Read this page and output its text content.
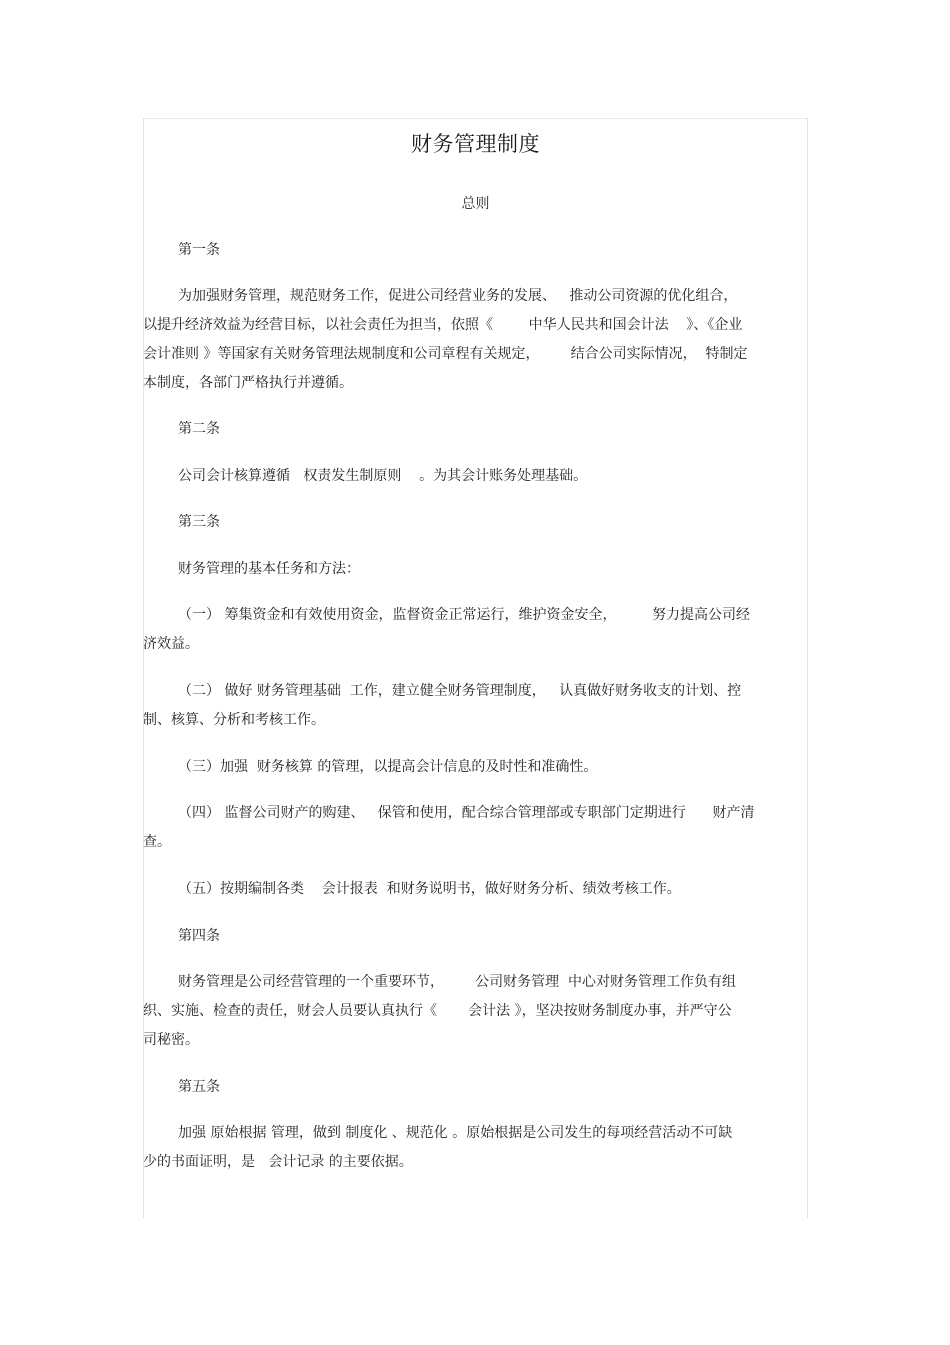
财务管理制度
总则
第一条
为加强财务管理，规范财务工作，促进公司经营业务的发展、   推动公司资源的优化组合，
以提升经济效益为经营目标，以社会责任为担当，依照《        中华人民共和国会计法    》、《企业
会计准则 》等国家有关财务管理法规制度和公司章程有关规定，       结合公司实际情况，  特制定
本制度，各部门严格执行并遵循。
第二条
公司会计核算遵循   权责发生制原则    。为其会计账务处理基础。
第三条
财务管理的基本任务和方法：
（一） 筹集资金和有效使用资金，监督资金正常运行，维护资金安全，        努力提高公司经
济效益。
（二） 做好 财务管理基础  工作，建立健全财务管理制度，   认真做好财务收支的计划、控
制、核算、分析和考核工作。
（三）加强  财务核算 的管理，以提高会计信息的及时性和准确性。
（四） 监督公司财产的购建、   保管和使用，配合综合管理部或专职部门定期进行      财产清
查。
（五）按期编制各类    会计报表  和财务说明书，做好财务分析、绩效考核工作。
第四条
财务管理是公司经营管理的一个重要环节，       公司财务管理  中心对财务管理工作负有组
织、实施、检查的责任，财会人员要认真执行《       会计法 》，坚决按财务制度办事，并严守公
司秘密。
第五条
加强 原始根据 管理，做到 制度化 、规范化 。原始根据是公司发生的每项经营活动不可缺
少的书面证明，是   会计记录 的主要依据。
